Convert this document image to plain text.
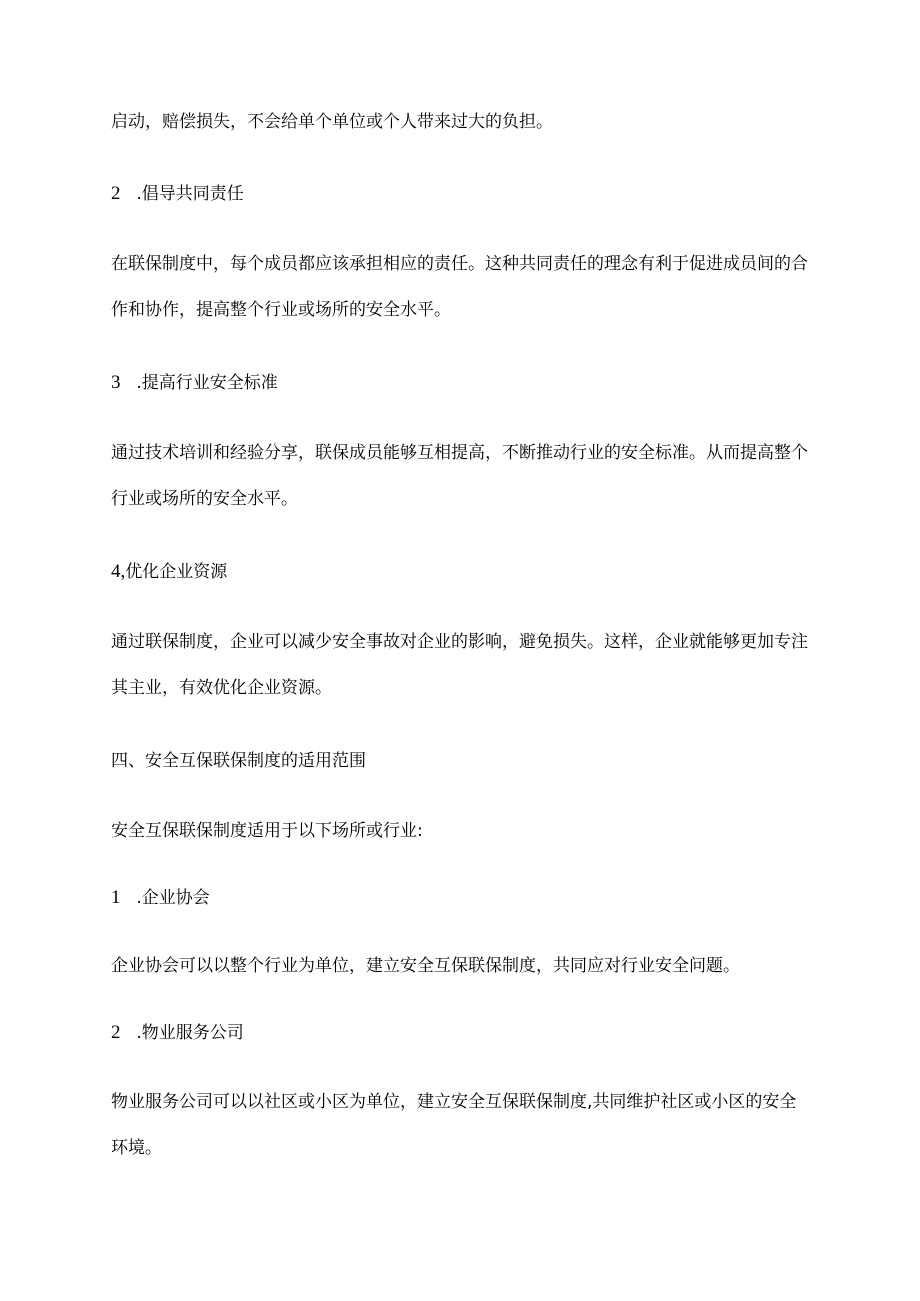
启动，赔偿损失，不会给单个单位或个人带来过大的负担。
2 .倡导共同责任
在联保制度中，每个成员都应该承担相应的责任。这种共同责任的理念有利于促进成员间的合
作和协作，提高整个行业或场所的安全水平。
3 .提高行业安全标准
通过技术培训和经验分享，联保成员能够互相提高，不断推动行业的安全标准。从而提高整个
行业或场所的安全水平。
4,优化企业资源
通过联保制度，企业可以减少安全事故对企业的影响，避免损失。这样，企业就能够更加专注
其主业，有效优化企业资源。
四、安全互保联保制度的适用范围
安全互保联保制度适用于以下场所或行业:
1 .企业协会
企业协会可以以整个行业为单位，建立安全互保联保制度，共同应对行业安全问题。
2 .物业服务公司
物业服务公司可以以社区或小区为单位，建立安全互保联保制度,共同维护社区或小区的安全
环境。
